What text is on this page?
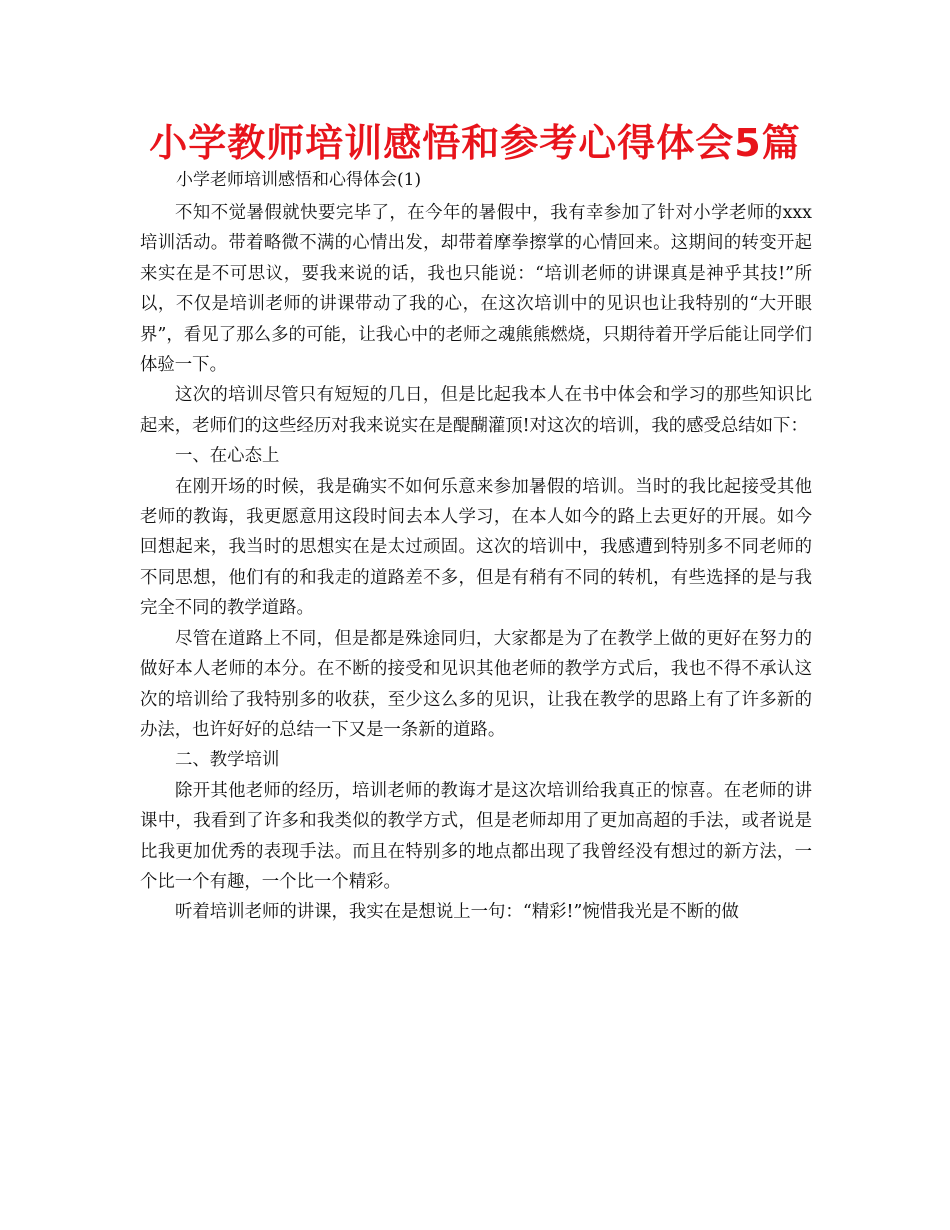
小学教师培训感悟和参考心得体会5篇
小学老师培训感悟和心得体会(1)

不知不觉暑假就快要完毕了，在今年的暑假中，我有幸参加了针对小学老师的xxx培训活动。带着略微不满的心情出发，却带着摩拳擦掌的心情回来。这期间的转变开起来实在是不可思议，要我来说的话，我也只能说：“培训老师的讲课真是神乎其技!”所以，不仅是培训老师的讲课带动了我的心，在这次培训中的见识也让我特别的“大开眼界”，看见了那么多的可能，让我心中的老师之魂熊熊燃烧，只期待着开学后能让同学们体验一下。

这次的培训尽管只有短短的几日，但是比起我本人在书中体会和学习的那些知识比起来，老师们的这些经历对我来说实在是醍醐灌顶!对这次的培训，我的感受总结如下：

一、在心态上

在刚开场的时候，我是确实不如何乐意来参加暑假的培训。当时的我比起接受其他老师的教诲，我更愿意用这段时间去本人学习，在本人如今的路上去更好的开展。如今回想起来，我当时的思想实在是太过顽固。这次的培训中，我感遭到特别多不同老师的不同思想，他们有的和我走的道路差不多，但是有稍有不同的转机，有些选择的是与我完全不同的教学道路。

尽管在道路上不同，但是都是殊途同归，大家都是为了在教学上做的更好在努力的做好本人老师的本分。在不断的接受和见识其他老师的教学方式后，我也不得不承认这次的培训给了我特别多的收获，至少这么多的见识，让我在教学的思路上有了许多新的办法，也许好好的总结一下又是一条新的道路。

二、教学培训

除开其他老师的经历，培训老师的教诲才是这次培训给我真正的惊喜。在老师的讲课中，我看到了许多和我类似的教学方式，但是老师却用了更加高超的手法，或者说是比我更加优秀的表现手法。而且在特别多的地点都出现了我曾经没有想过的新方法，一个比一个有趣，一个比一个精彩。

听着培训老师的讲课，我实在是想说上一句：“精彩!”惋惜我光是不断的做
